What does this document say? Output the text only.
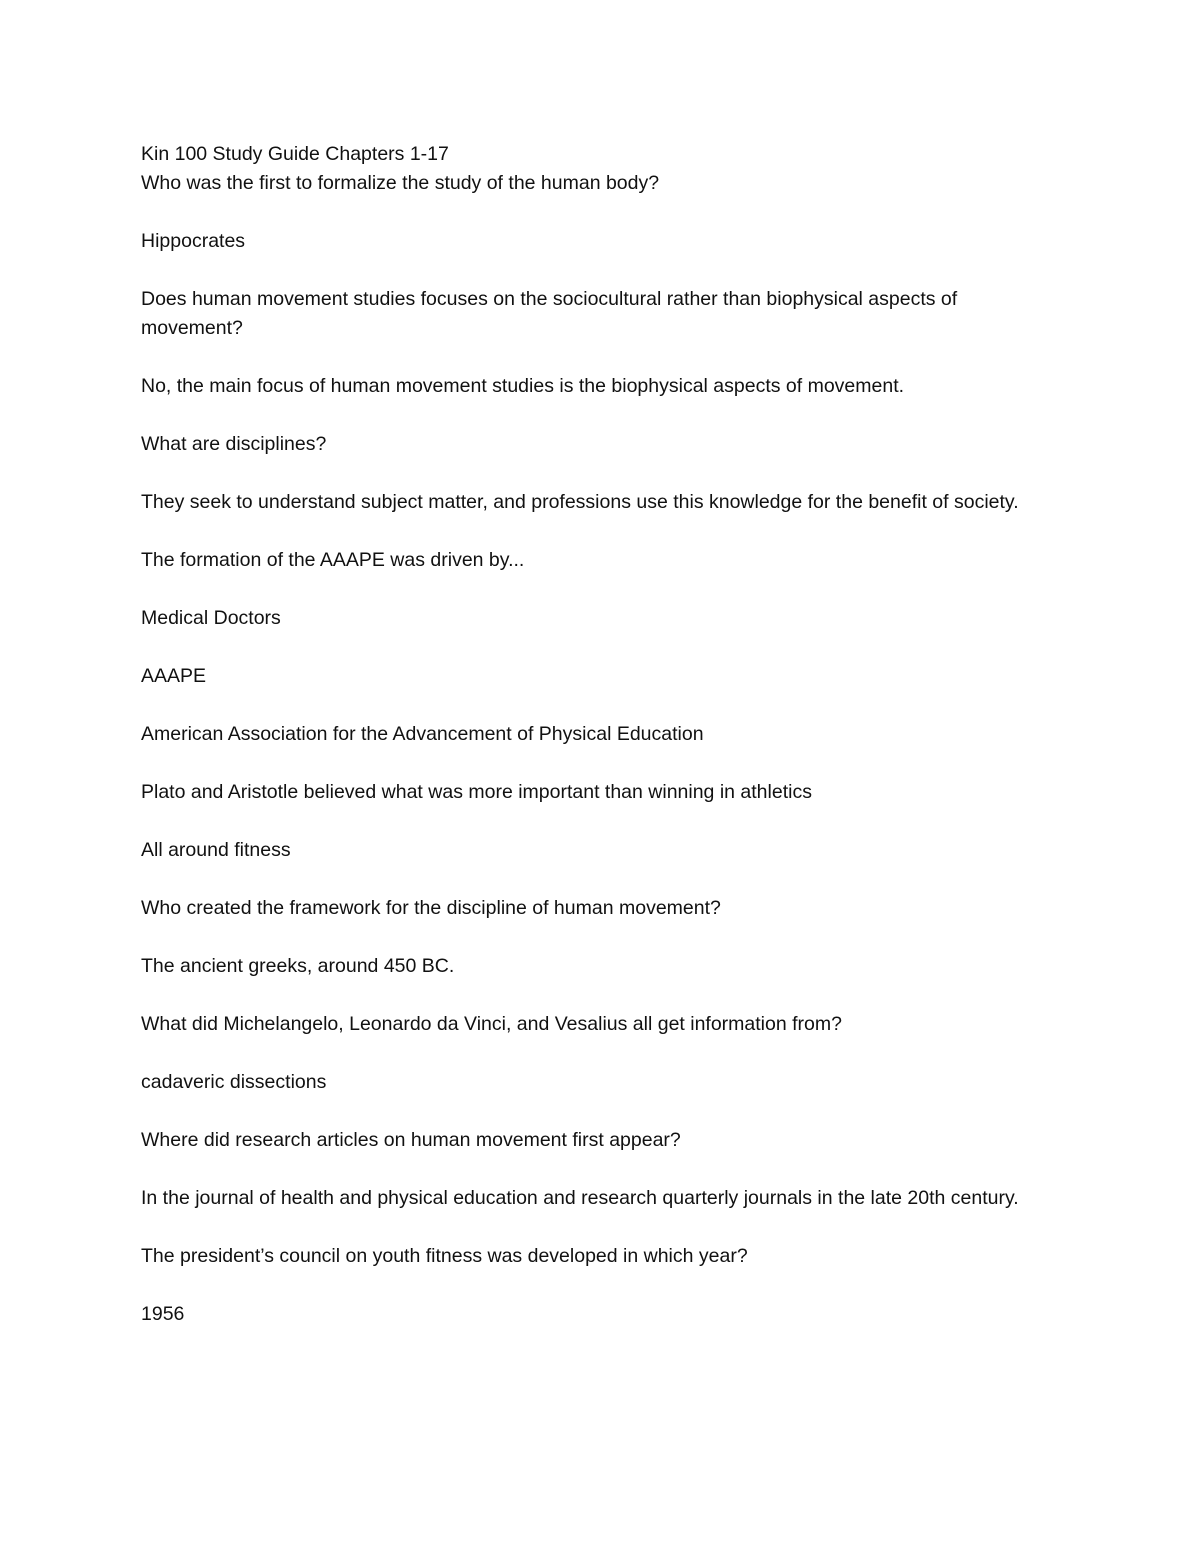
Kin 100 Study Guide Chapters 1-17

Who was the first to formalize the study of the human body?

Hippocrates

Does human movement studies focuses on the sociocultural rather than biophysical aspects of movement?

No, the main focus of human movement studies is the biophysical aspects of movement.

What are disciplines?

They seek to understand subject matter, and professions use this knowledge for the benefit of society.

The formation of the AAAPE was driven by...

Medical Doctors

AAAPE

American Association for the Advancement of Physical Education

Plato and Aristotle believed what was more important than winning in athletics

All around fitness

Who created the framework for the discipline of human movement?

The ancient greeks, around 450 BC.

What did Michelangelo, Leonardo da Vinci, and Vesalius all get information from?

cadaveric dissections

Where did research articles on human movement first appear?

In the journal of health and physical education and research quarterly journals in the late 20th century.

The president’s council on youth fitness was developed in which year?

1956
